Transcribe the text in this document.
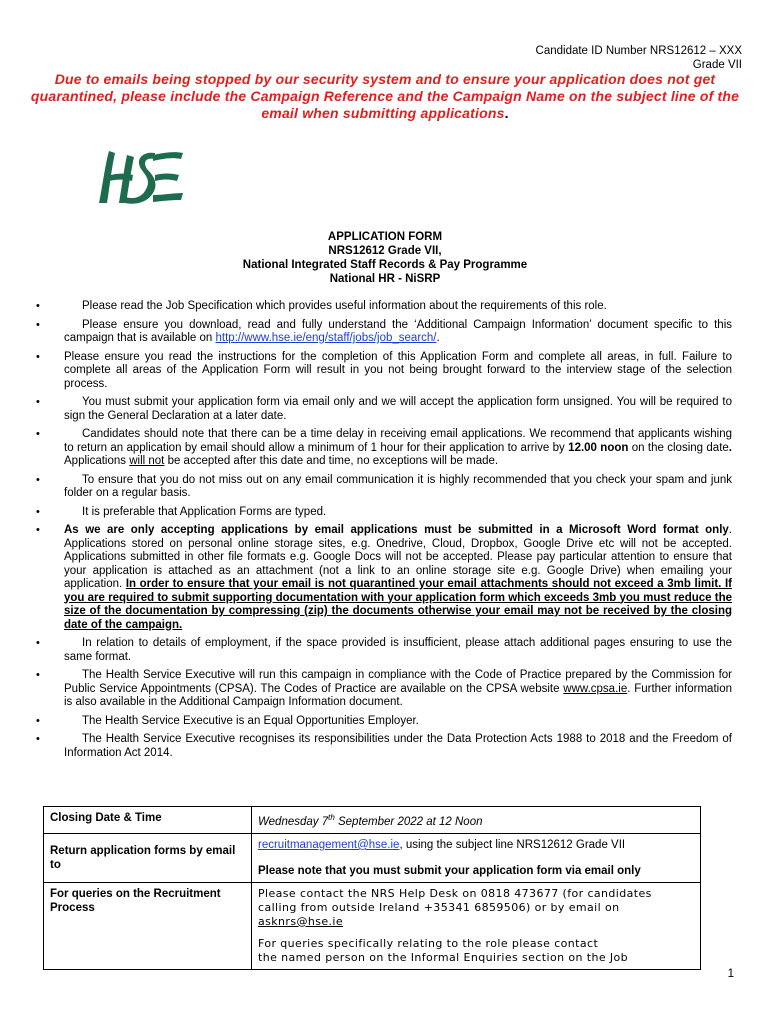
Candidate ID Number NRS12612 – XXX
Grade VII
Due to emails being stopped by our security system and to ensure your application does not get quarantined, please include the Campaign Reference and the Campaign Name on the subject line of the email when submitting applications.
APPLICATION FORM
NRS12612 Grade VII,
National Integrated Staff Records & Pay Programme
National HR - NiSRP
• Please read the Job Specification which provides useful information about the requirements of this role.
• Please ensure you download, read and fully understand the ‘Additional Campaign Information’ document specific to this campaign that is available on http://www.hse.ie/eng/staff/jobs/job_search/.
• Please ensure you read the instructions for the completion of this Application Form and complete all areas, in full. Failure to complete all areas of the Application Form will result in you not being brought forward to the interview stage of the selection process.
• You must submit your application form via email only and we will accept the application form unsigned. You will be required to sign the General Declaration at a later date.
• Candidates should note that there can be a time delay in receiving email applications. We recommend that applicants wishing to return an application by email should allow a minimum of 1 hour for their application to arrive by 12.00 noon on the closing date. Applications will not be accepted after this date and time, no exceptions will be made.
• To ensure that you do not miss out on any email communication it is highly recommended that you check your spam and junk folder on a regular basis.
• It is preferable that Application Forms are typed.
• As we are only accepting applications by email applications must be submitted in a Microsoft Word format only. Applications stored on personal online storage sites, e.g. Onedrive, Cloud, Dropbox, Google Drive etc will not be accepted. Applications submitted in other file formats e.g. Google Docs will not be accepted. Please pay particular attention to ensure that your application is attached as an attachment (not a link to an online storage site e.g. Google Drive) when emailing your application. In order to ensure that your email is not quarantined your email attachments should not exceed a 3mb limit. If you are required to submit supporting documentation with your application form which exceeds 3mb you must reduce the size of the documentation by compressing (zip) the documents otherwise your email may not be received by the closing date of the campaign.
• In relation to details of employment, if the space provided is insufficient, please attach additional pages ensuring to use the same format.
• The Health Service Executive will run this campaign in compliance with the Code of Practice prepared by the Commission for Public Service Appointments (CPSA). The Codes of Practice are available on the CPSA website www.cpsa.ie. Further information is also available in the Additional Campaign Information document.
• The Health Service Executive is an Equal Opportunities Employer.
• The Health Service Executive recognises its responsibilities under the Data Protection Acts 1988 to 2018 and the Freedom of Information Act 2014.
Closing Date & Time	Wednesday 7th September 2022 at 12 Noon
Return application forms by email to	recruitmanagement@hse.ie, using the subject line NRS12612 Grade VII
Please note that you must submit your application form via email only
For queries on the Recruitment Process	Please contact the NRS Help Desk on 0818 473677 (for candidates calling from outside Ireland +35341 6859506) or by email on asknrs@hse.ie
For queries specifically relating to the role please contact
the named person on the Informal Enquiries section on the Job
1
